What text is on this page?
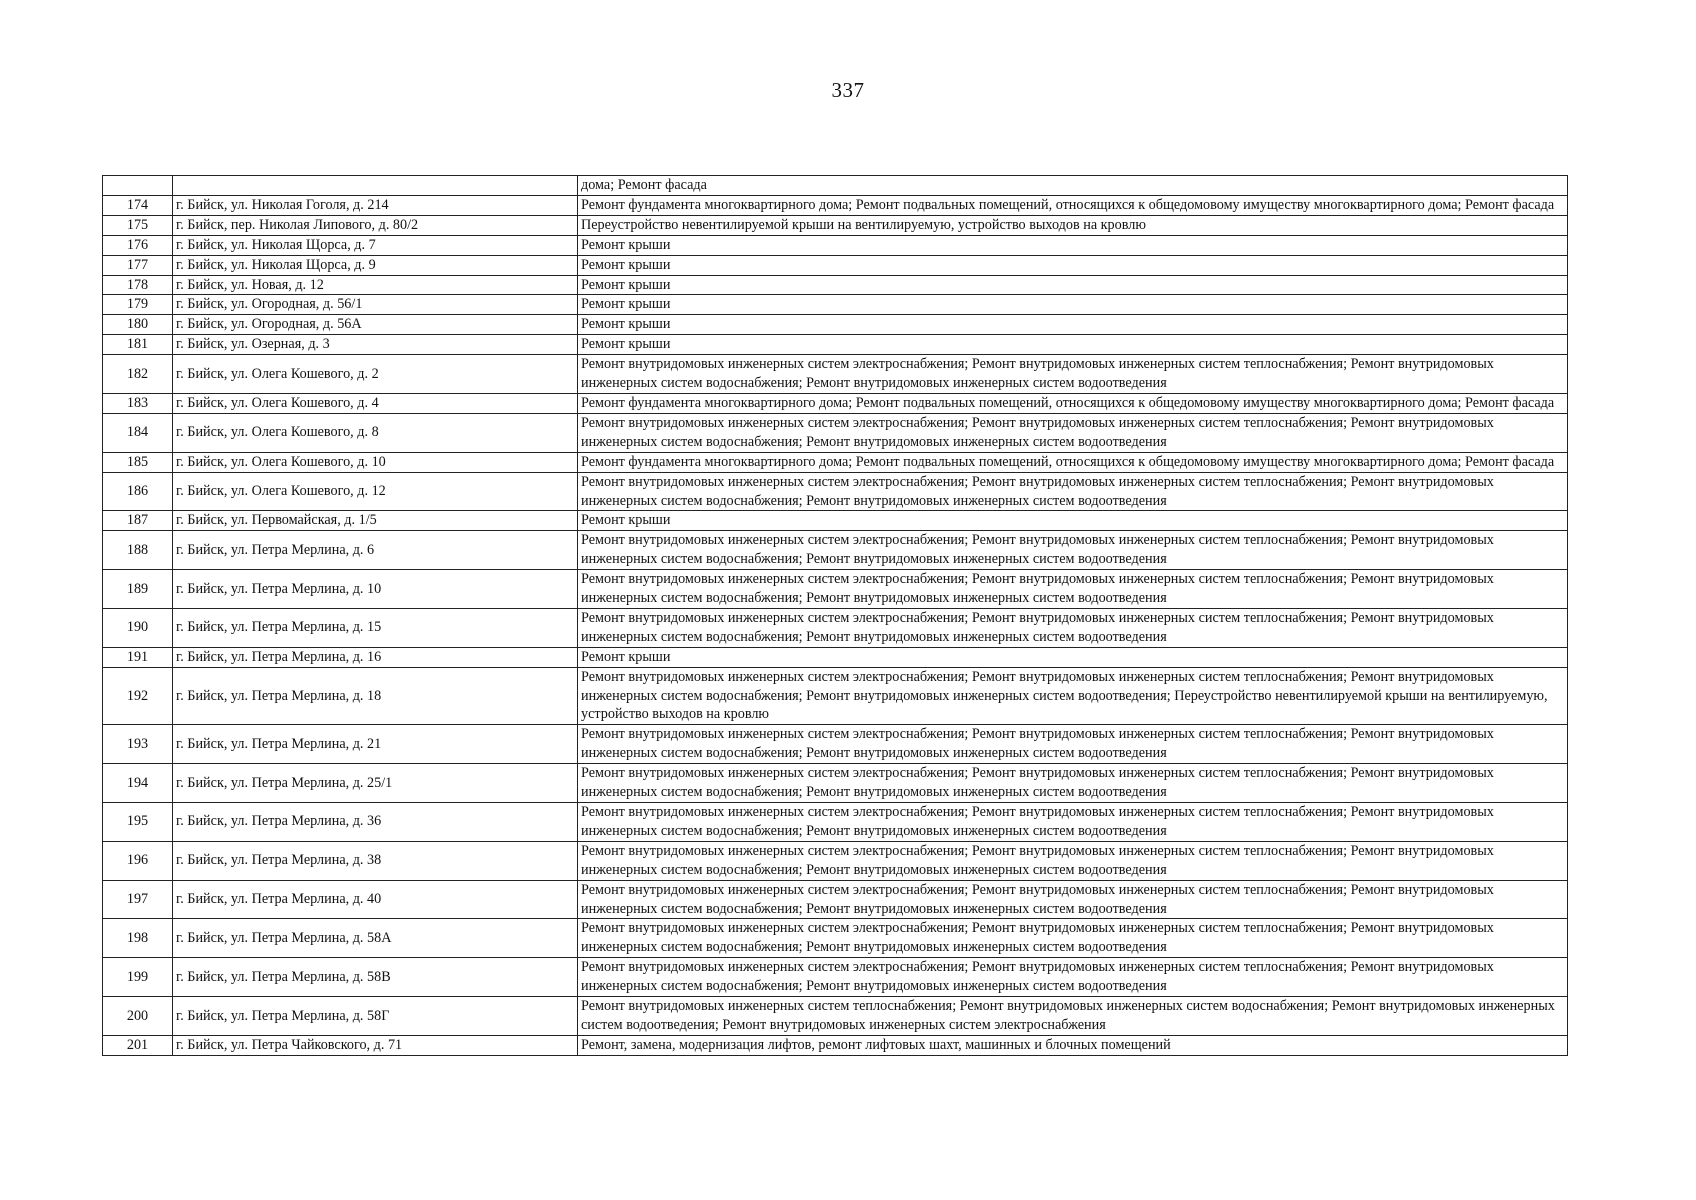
337
		дома; Ремонт фасада
174	г. Бийск, ул. Николая Гоголя, д. 214	Ремонт фундамента многоквартирного дома; Ремонт подвальных помещений, относящихся к общедомовому имуществу многоквартирного дома; Ремонт фасада
175	г. Бийск, пер. Николая Липового, д. 80/2	Переустройство невентилируемой крыши на вентилируемую, устройство выходов на кровлю
176	г. Бийск, ул. Николая Щорса, д. 7	Ремонт крыши
177	г. Бийск, ул. Николая Щорса, д. 9	Ремонт крыши
178	г. Бийск, ул. Новая, д. 12	Ремонт крыши
179	г. Бийск, ул. Огородная, д. 56/1	Ремонт крыши
180	г. Бийск, ул. Огородная, д. 56А	Ремонт крыши
181	г. Бийск, ул. Озерная, д. 3	Ремонт крыши
182	г. Бийск, ул. Олега Кошевого, д. 2	Ремонт внутридомовых инженерных систем электроснабжения; Ремонт внутридомовых инженерных систем теплоснабжения; Ремонт внутридомовых инженерных систем водоснабжения; Ремонт внутридомовых инженерных систем водоотведения
183	г. Бийск, ул. Олега Кошевого, д. 4	Ремонт фундамента многоквартирного дома; Ремонт подвальных помещений, относящихся к общедомовому имуществу многоквартирного дома; Ремонт фасада
184	г. Бийск, ул. Олега Кошевого, д. 8	Ремонт внутридомовых инженерных систем электроснабжения; Ремонт внутридомовых инженерных систем теплоснабжения; Ремонт внутридомовых инженерных систем водоснабжения; Ремонт внутридомовых инженерных систем водоотведения
185	г. Бийск, ул. Олега Кошевого, д. 10	Ремонт фундамента многоквартирного дома; Ремонт подвальных помещений, относящихся к общедомовому имуществу многоквартирного дома; Ремонт фасада
186	г. Бийск, ул. Олега Кошевого, д. 12	Ремонт внутридомовых инженерных систем электроснабжения; Ремонт внутридомовых инженерных систем теплоснабжения; Ремонт внутридомовых инженерных систем водоснабжения; Ремонт внутридомовых инженерных систем водоотведения
187	г. Бийск, ул. Первомайская, д. 1/5	Ремонт крыши
188	г. Бийск, ул. Петра Мерлина, д. 6	Ремонт внутридомовых инженерных систем электроснабжения; Ремонт внутридомовых инженерных систем теплоснабжения; Ремонт внутридомовых инженерных систем водоснабжения; Ремонт внутридомовых инженерных систем водоотведения
189	г. Бийск, ул. Петра Мерлина, д. 10	Ремонт внутридомовых инженерных систем электроснабжения; Ремонт внутридомовых инженерных систем теплоснабжения; Ремонт внутридомовых инженерных систем водоснабжения; Ремонт внутридомовых инженерных систем водоотведения
190	г. Бийск, ул. Петра Мерлина, д. 15	Ремонт внутридомовых инженерных систем электроснабжения; Ремонт внутридомовых инженерных систем теплоснабжения; Ремонт внутридомовых инженерных систем водоснабжения; Ремонт внутридомовых инженерных систем водоотведения
191	г. Бийск, ул. Петра Мерлина, д. 16	Ремонт крыши
192	г. Бийск, ул. Петра Мерлина, д. 18	Ремонт внутридомовых инженерных систем электроснабжения; Ремонт внутридомовых инженерных систем теплоснабжения; Ремонт внутридомовых инженерных систем водоснабжения; Ремонт внутридомовых инженерных систем водоотведения; Переустройство невентилируемой крыши на вентилируемую, устройство выходов на кровлю
193	г. Бийск, ул. Петра Мерлина, д. 21	Ремонт внутридомовых инженерных систем электроснабжения; Ремонт внутридомовых инженерных систем теплоснабжения; Ремонт внутридомовых инженерных систем водоснабжения; Ремонт внутридомовых инженерных систем водоотведения
194	г. Бийск, ул. Петра Мерлина, д. 25/1	Ремонт внутридомовых инженерных систем электроснабжения; Ремонт внутридомовых инженерных систем теплоснабжения; Ремонт внутридомовых инженерных систем водоснабжения; Ремонт внутридомовых инженерных систем водоотведения
195	г. Бийск, ул. Петра Мерлина, д. 36	Ремонт внутридомовых инженерных систем электроснабжения; Ремонт внутридомовых инженерных систем теплоснабжения; Ремонт внутридомовых инженерных систем водоснабжения; Ремонт внутридомовых инженерных систем водоотведения
196	г. Бийск, ул. Петра Мерлина, д. 38	Ремонт внутридомовых инженерных систем электроснабжения; Ремонт внутридомовых инженерных систем теплоснабжения; Ремонт внутридомовых инженерных систем водоснабжения; Ремонт внутридомовых инженерных систем водоотведения
197	г. Бийск, ул. Петра Мерлина, д. 40	Ремонт внутридомовых инженерных систем электроснабжения; Ремонт внутридомовых инженерных систем теплоснабжения; Ремонт внутридомовых инженерных систем водоснабжения; Ремонт внутридомовых инженерных систем водоотведения
198	г. Бийск, ул. Петра Мерлина, д. 58А	Ремонт внутридомовых инженерных систем электроснабжения; Ремонт внутридомовых инженерных систем теплоснабжения; Ремонт внутридомовых инженерных систем водоснабжения; Ремонт внутридомовых инженерных систем водоотведения
199	г. Бийск, ул. Петра Мерлина, д. 58В	Ремонт внутридомовых инженерных систем электроснабжения; Ремонт внутридомовых инженерных систем теплоснабжения; Ремонт внутридомовых инженерных систем водоснабжения; Ремонт внутридомовых инженерных систем водоотведения
200	г. Бийск, ул. Петра Мерлина, д. 58Г	Ремонт внутридомовых инженерных систем теплоснабжения; Ремонт внутридомовых инженерных систем водоснабжения; Ремонт внутридомовых инженерных систем водоотведения; Ремонт внутридомовых инженерных систем электроснабжения
201	г. Бийск, ул. Петра Чайковского, д. 71	Ремонт, замена, модернизация лифтов, ремонт лифтовых шахт, машинных и блочных помещений
